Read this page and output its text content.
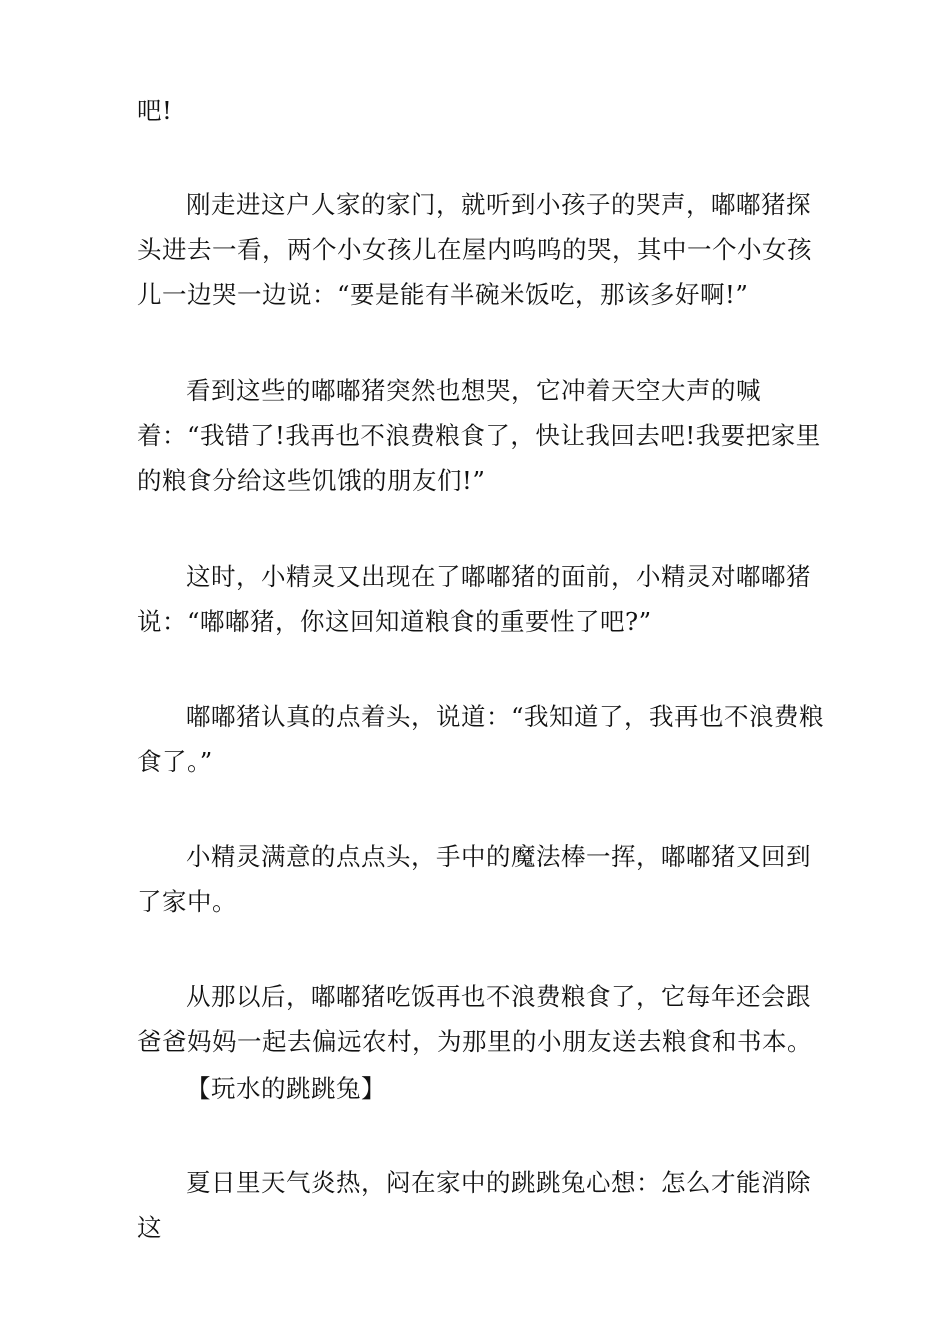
吧!

刚走进这户人家的家门，就听到小孩子的哭声，嘟嘟猪探头进去一看，两个小女孩儿在屋内呜呜的哭，其中一个小女孩儿一边哭一边说：“要是能有半碗米饭吃，那该多好啊!”

看到这些的嘟嘟猪突然也想哭，它冲着天空大声的喊着：“我错了!我再也不浪费粮食了，快让我回去吧!我要把家里的粮食分给这些饥饿的朋友们!”

这时，小精灵又出现在了嘟嘟猪的面前，小精灵对嘟嘟猪说：“嘟嘟猪，你这回知道粮食的重要性了吧?”

嘟嘟猪认真的点着头，说道：“我知道了，我再也不浪费粮食了。”

小精灵满意的点点头，手中的魔法棒一挥，嘟嘟猪又回到了家中。

从那以后，嘟嘟猪吃饭再也不浪费粮食了，它每年还会跟爸爸妈妈一起去偏远农村，为那里的小朋友送去粮食和书本。

【玩水的跳跳兔】

夏日里天气炎热，闷在家中的跳跳兔心想：怎么才能消除这
